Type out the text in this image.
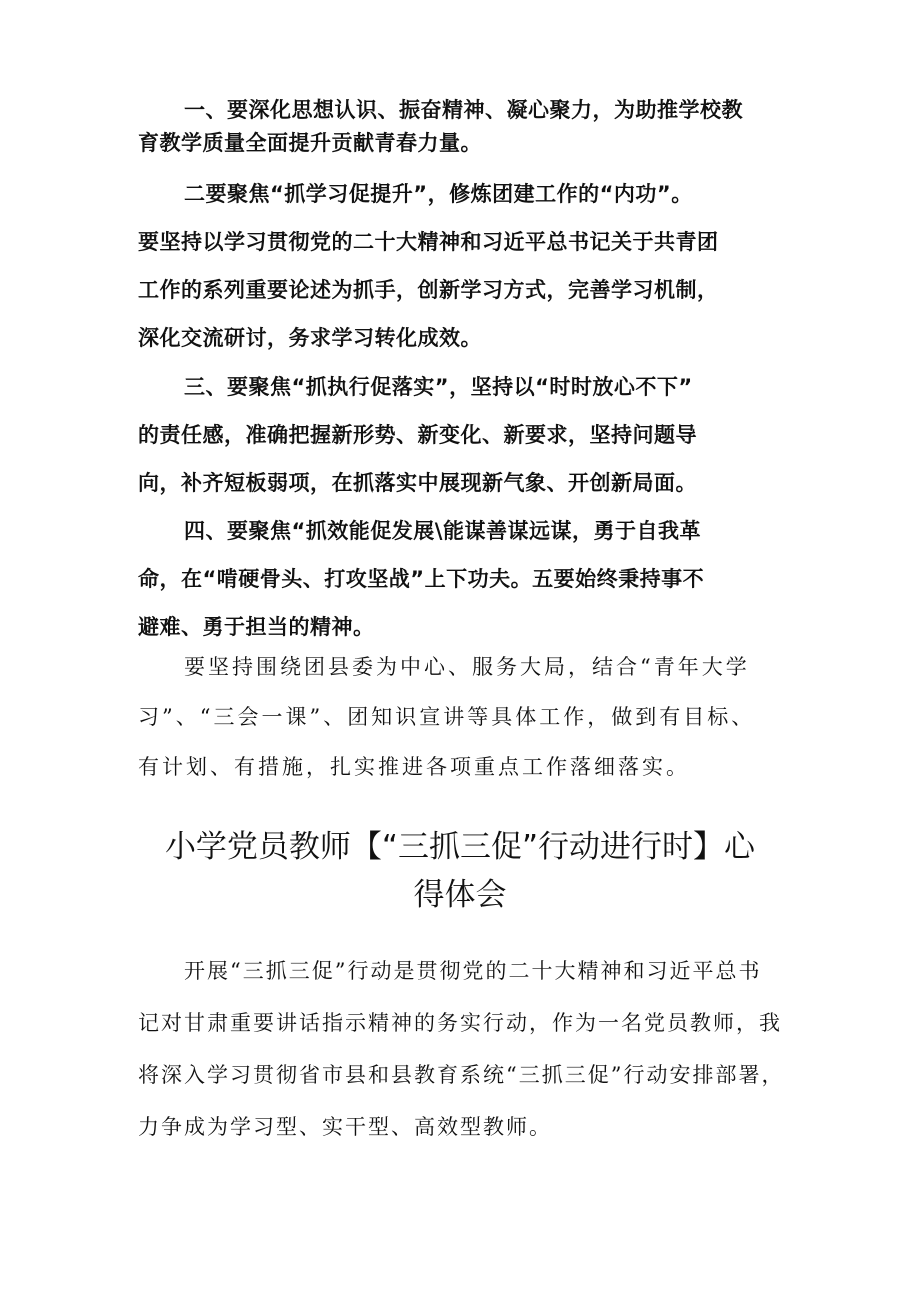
一、要深化思想认识、振奋精神、凝心聚力，为助推学校教
育教学质量全面提升贡献青春力量。
二要聚焦“抓学习促提升”，修炼团建工作的“内功”。
要坚持以学习贯彻党的二十大精神和习近平总书记关于共青团
工作的系列重要论述为抓手，创新学习方式，完善学习机制，
深化交流研讨，务求学习转化成效。
三、要聚焦“抓执行促落实”，坚持以“时时放心不下”
的责任感，准确把握新形势、新变化、新要求，坚持问题导
向，补齐短板弱项，在抓落实中展现新气象、开创新局面。
四、要聚焦“抓效能促发展\能谋善谋远谋，勇于自我革
命，在“啃硬骨头、打攻坚战”上下功夫。五要始终秉持事不
避难、勇于担当的精神。
要坚持围绕团县委为中心、服务大局，结合“青年大学
习”、“三会一课”、团知识宣讲等具体工作，做到有目标、
有计划、有措施，扎实推进各项重点工作落细落实。
小学党员教师【“三抓三促”行动进行时】心
得体会
开展“三抓三促”行动是贯彻党的二十大精神和习近平总书
记对甘肃重要讲话指示精神的务实行动，作为一名党员教师，我
将深入学习贯彻省市县和县教育系统“三抓三促”行动安排部署，
力争成为学习型、实干型、高效型教师。
